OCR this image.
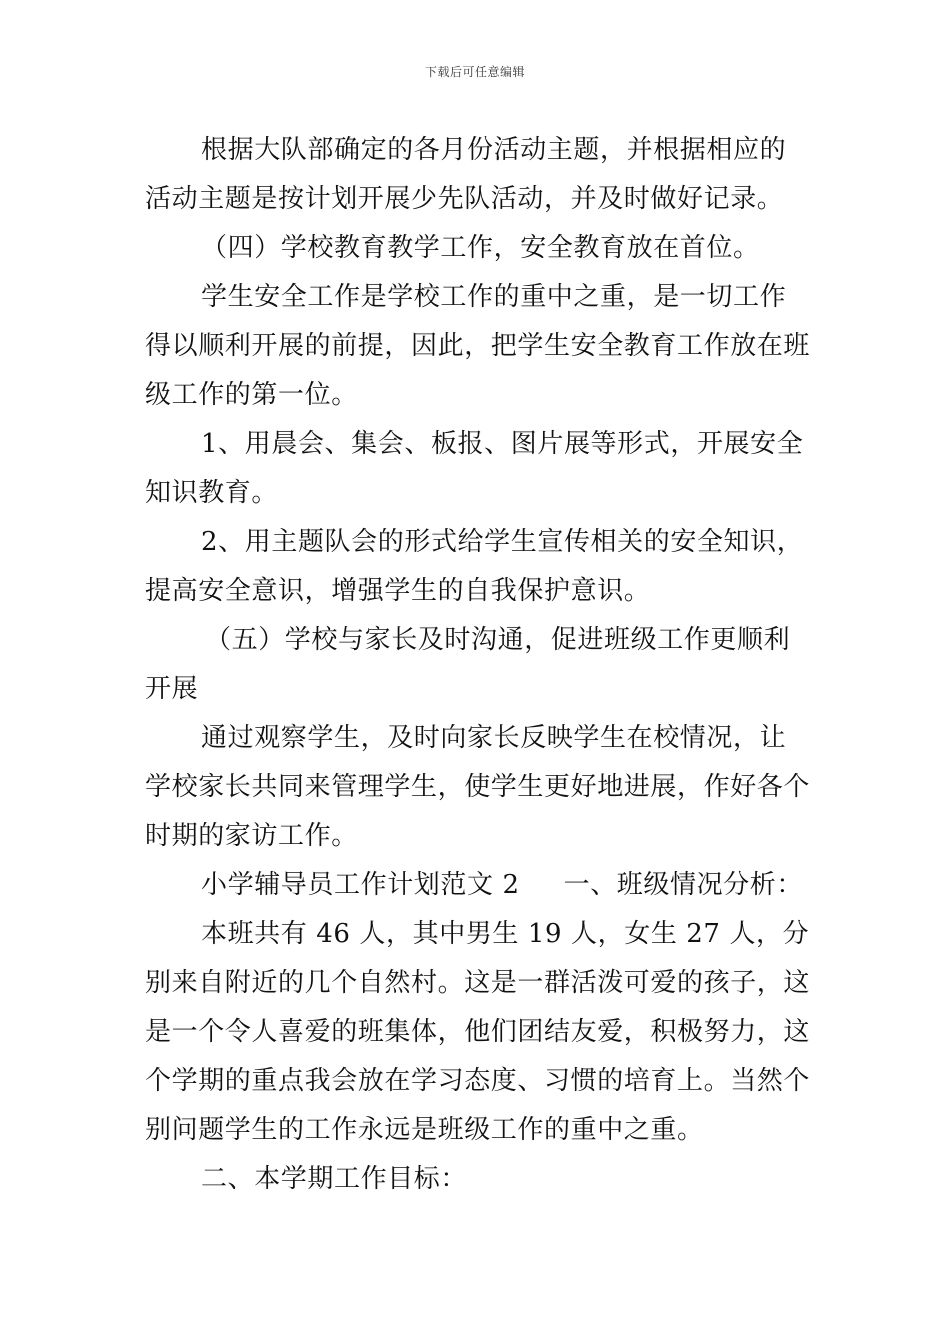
下载后可任意编辑

根据大队部确定的各月份活动主题，并根据相应的活动主题是按计划开展少先队活动，并及时做好记录。

（四）学校教育教学工作，安全教育放在首位。

学生安全工作是学校工作的重中之重，是一切工作得以顺利开展的前提，因此，把学生安全教育工作放在班级工作的第一位。

1、用晨会、集会、板报、图片展等形式，开展安全知识教育。

2、用主题队会的形式给学生宣传相关的安全知识，提高安全意识，增强学生的自我保护意识。

（五）学校与家长及时沟通，促进班级工作更顺利开展

通过观察学生，及时向家长反映学生在校情况，让学校家长共同来管理学生，使学生更好地进展，作好各个时期的家访工作。

小学辅导员工作计划范文 2 一、班级情况分析：

本班共有 46 人，其中男生 19 人，女生 27 人，分别来自附近的几个自然村。这是一群活泼可爱的孩子，这是一个令人喜爱的班集体，他们团结友爱，积极努力，这个学期的重点我会放在学习态度、习惯的培育上。当然个别问题学生的工作永远是班级工作的重中之重。

二、本学期工作目标：
